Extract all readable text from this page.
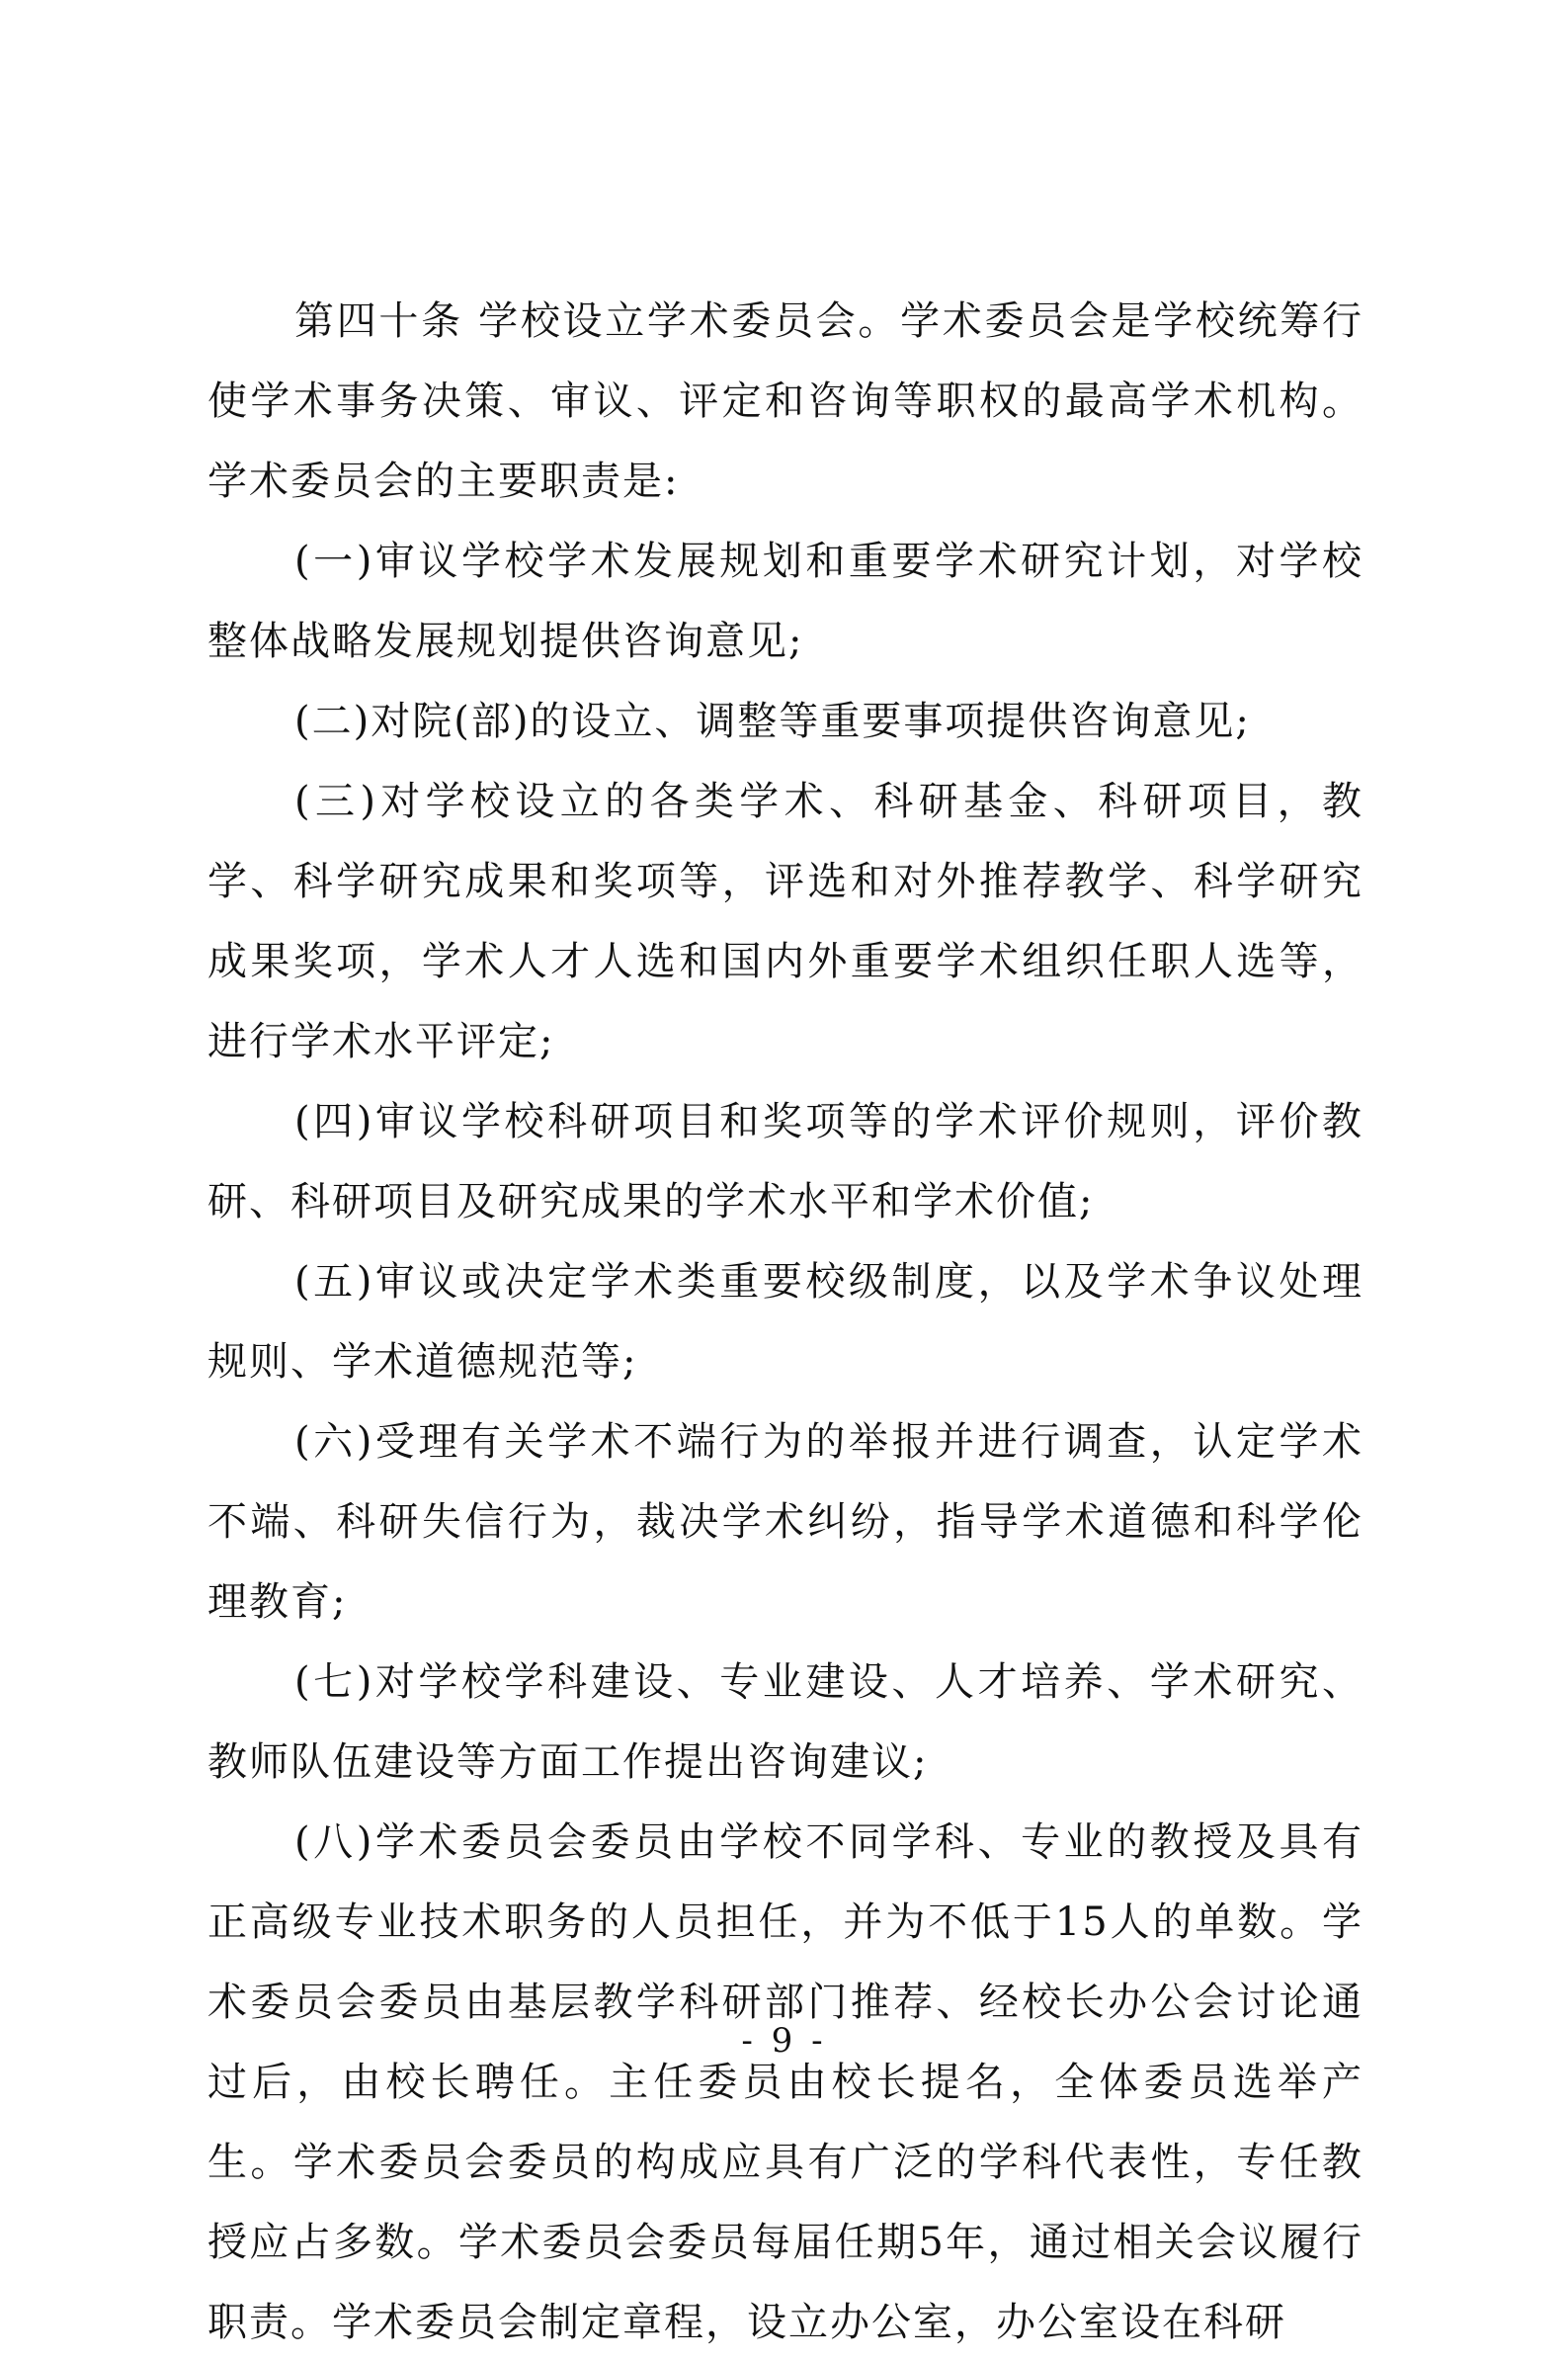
第四十条 学校设立学术委员会。学术委员会是学校统筹行使学术事务决策、审议、评定和咨询等职权的最高学术机构。学术委员会的主要职责是:

(一)审议学校学术发展规划和重要学术研究计划，对学校整体战略发展规划提供咨询意见;

(二)对院(部)的设立、调整等重要事项提供咨询意见;

(三)对学校设立的各类学术、科研基金、科研项目，教学、科学研究成果和奖项等，评选和对外推荐教学、科学研究成果奖项，学术人才人选和国内外重要学术组织任职人选等，进行学术水平评定;

(四)审议学校科研项目和奖项等的学术评价规则，评价教研、科研项目及研究成果的学术水平和学术价值;

(五)审议或决定学术类重要校级制度，以及学术争议处理规则、学术道德规范等;

(六)受理有关学术不端行为的举报并进行调查，认定学术不端、科研失信行为，裁决学术纠纷，指导学术道德和科学伦理教育;

(七)对学校学科建设、专业建设、人才培养、学术研究、教师队伍建设等方面工作提出咨询建议;

(八)学术委员会委员由学校不同学科、专业的教授及具有正高级专业技术职务的人员担任，并为不低于15人的单数。学术委员会委员由基层教学科研部门推荐、经校长办公会讨论通过后，由校长聘任。主任委员由校长提名，全体委员选举产生。学术委员会委员的构成应具有广泛的学科代表性，专任教授应占多数。学术委员会委员每届任期5年，通过相关会议履行职责。学术委员会制定章程，设立办公室，办公室设在科研

- 9 -
